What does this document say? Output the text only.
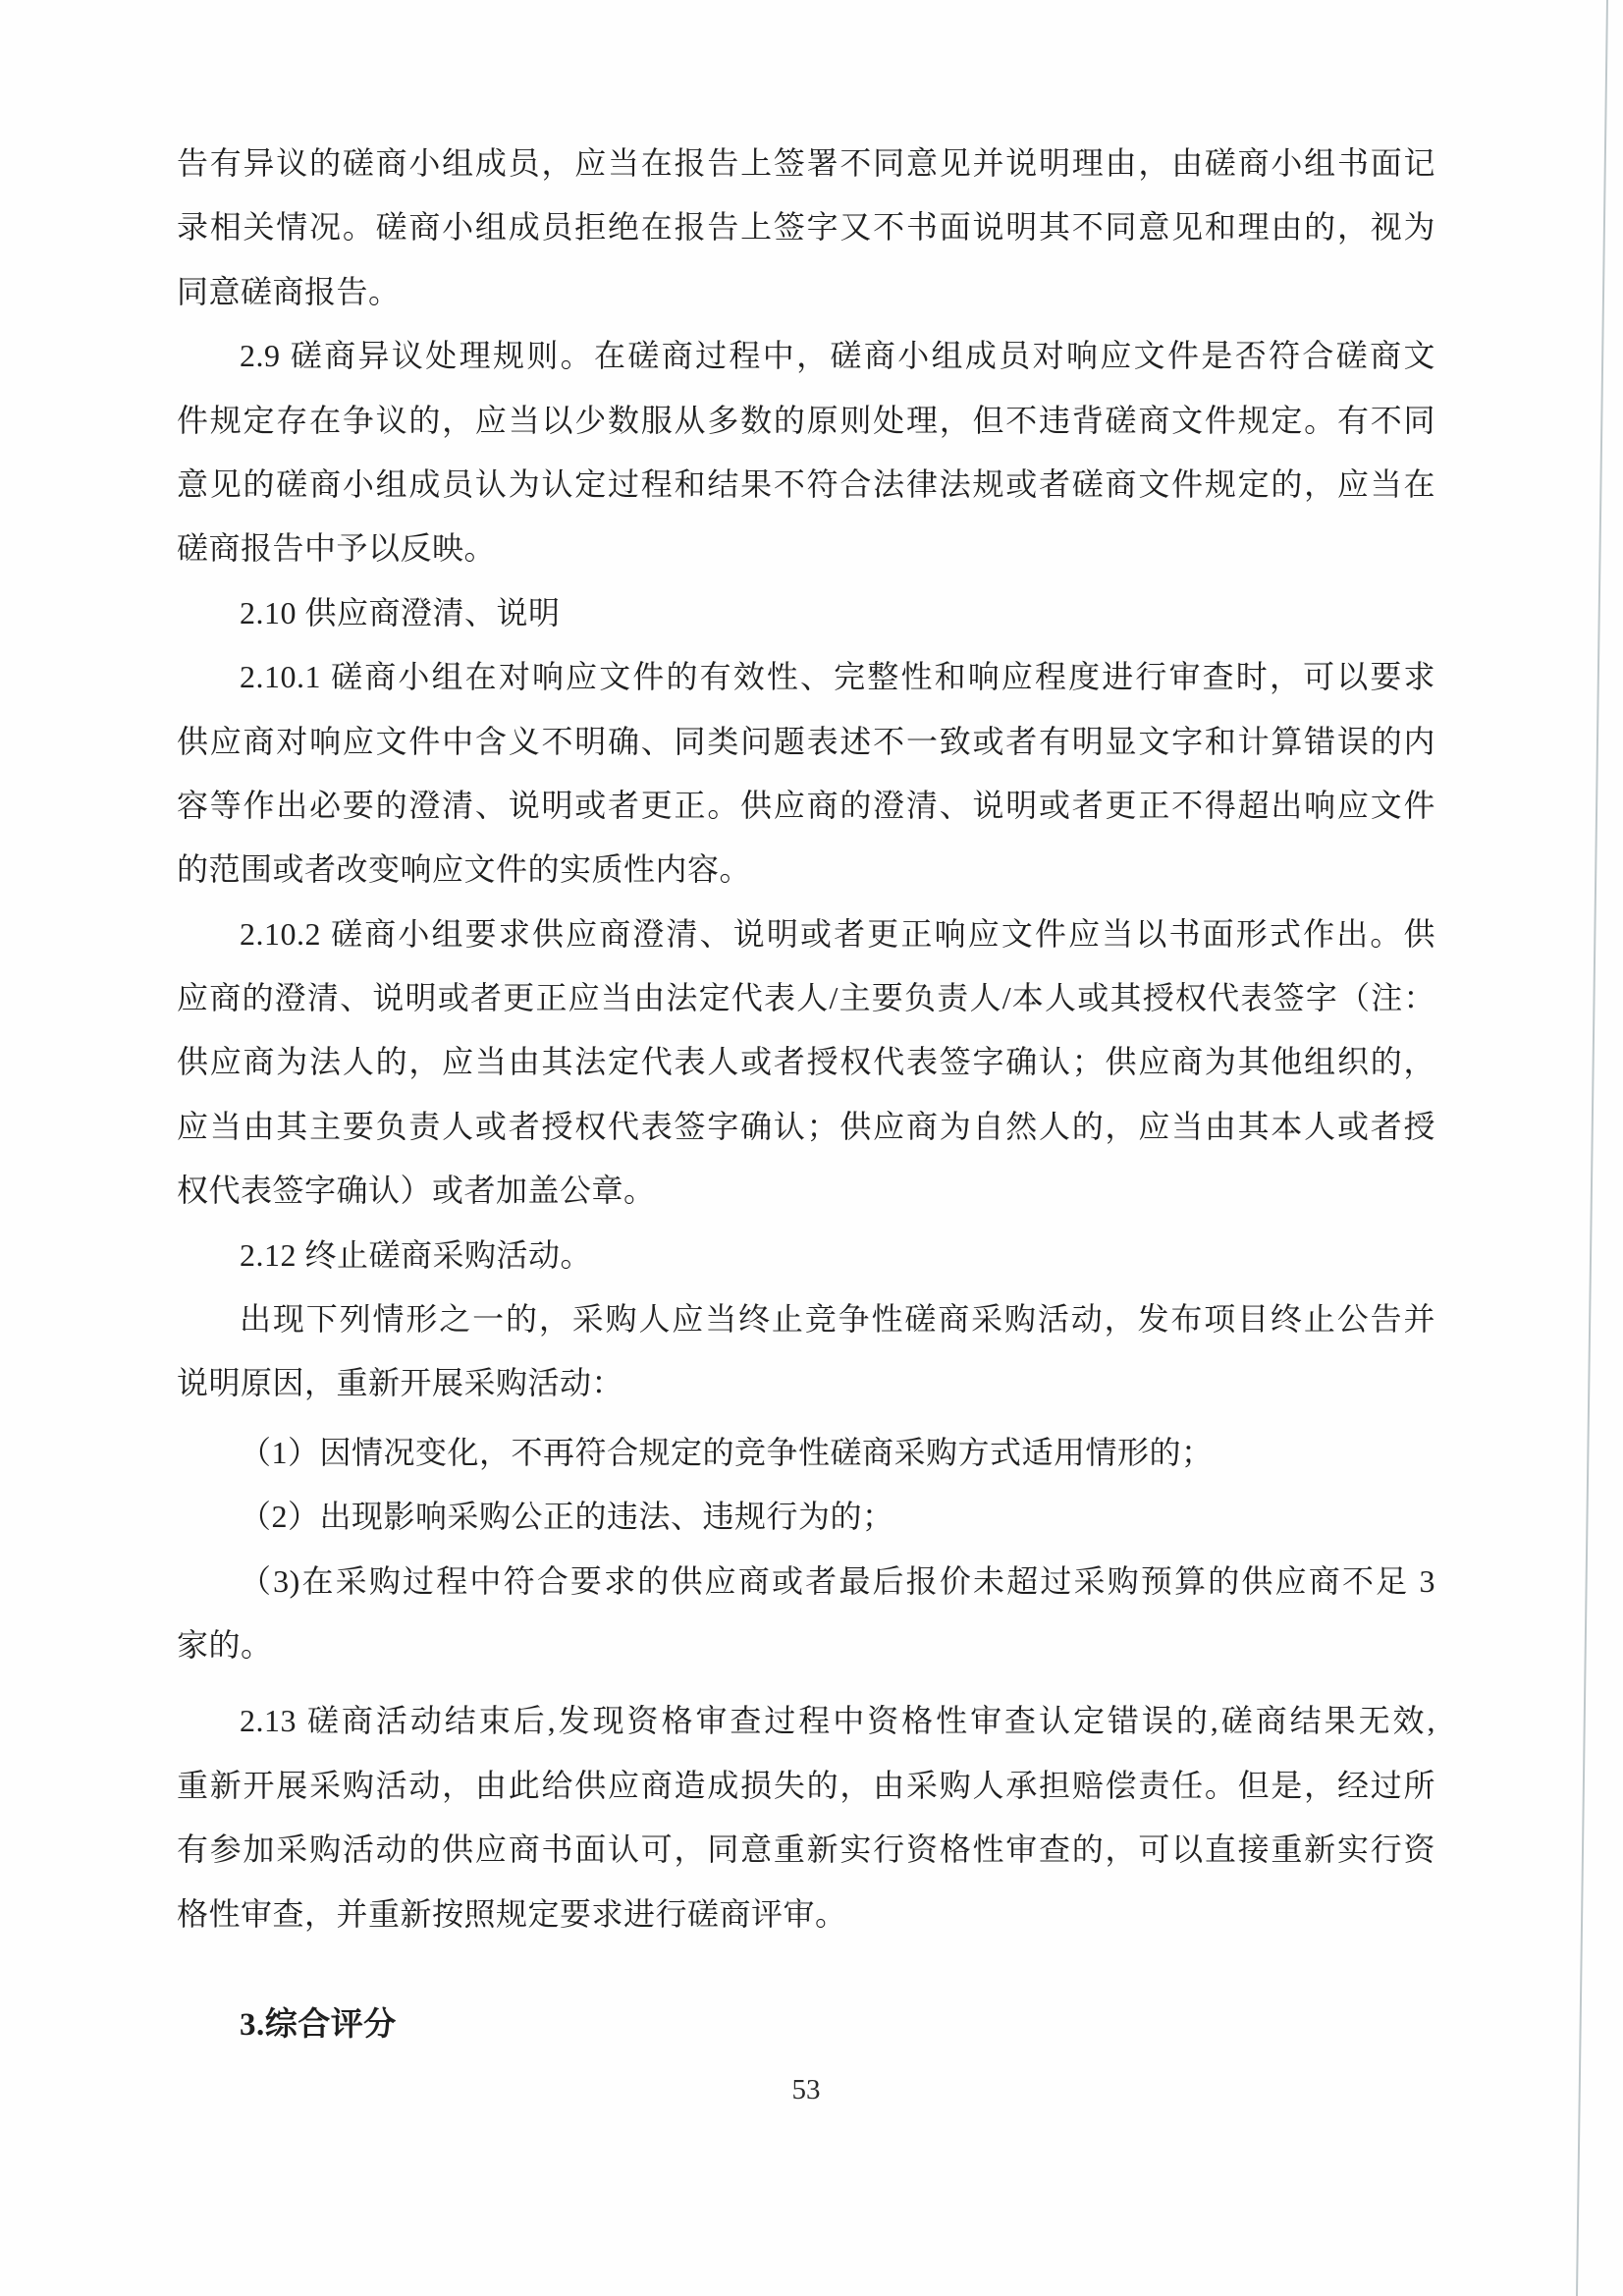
告有异议的磋商小组成员，应当在报告上签署不同意见并说明理由，由磋商小组书面记
录相关情况。磋商小组成员拒绝在报告上签字又不书面说明其不同意见和理由的，视为
同意磋商报告。
2.9 磋商异议处理规则。在磋商过程中，磋商小组成员对响应文件是否符合磋商文
件规定存在争议的，应当以少数服从多数的原则处理，但不违背磋商文件规定。有不同
意见的磋商小组成员认为认定过程和结果不符合法律法规或者磋商文件规定的，应当在
磋商报告中予以反映。
2.10 供应商澄清、说明
2.10.1 磋商小组在对响应文件的有效性、完整性和响应程度进行审查时，可以要求
供应商对响应文件中含义不明确、同类问题表述不一致或者有明显文字和计算错误的内
容等作出必要的澄清、说明或者更正。供应商的澄清、说明或者更正不得超出响应文件
的范围或者改变响应文件的实质性内容。
2.10.2 磋商小组要求供应商澄清、说明或者更正响应文件应当以书面形式作出。供
应商的澄清、说明或者更正应当由法定代表人/主要负责人/本人或其授权代表签字（注：
供应商为法人的，应当由其法定代表人或者授权代表签字确认；供应商为其他组织的，
应当由其主要负责人或者授权代表签字确认；供应商为自然人的，应当由其本人或者授
权代表签字确认）或者加盖公章。
2.12 终止磋商采购活动。
出现下列情形之一的，采购人应当终止竞争性磋商采购活动，发布项目终止公告并
说明原因，重新开展采购活动：
（1）因情况变化，不再符合规定的竞争性磋商采购方式适用情形的；
（2）出现影响采购公正的违法、违规行为的；
（3)在采购过程中符合要求的供应商或者最后报价未超过采购预算的供应商不足 3
家的。
2.13 磋商活动结束后,发现资格审查过程中资格性审查认定错误的,磋商结果无效,
重新开展采购活动，由此给供应商造成损失的，由采购人承担赔偿责任。但是，经过所
有参加采购活动的供应商书面认可，同意重新实行资格性审查的，可以直接重新实行资
格性审查，并重新按照规定要求进行磋商评审。
3.综合评分
53
